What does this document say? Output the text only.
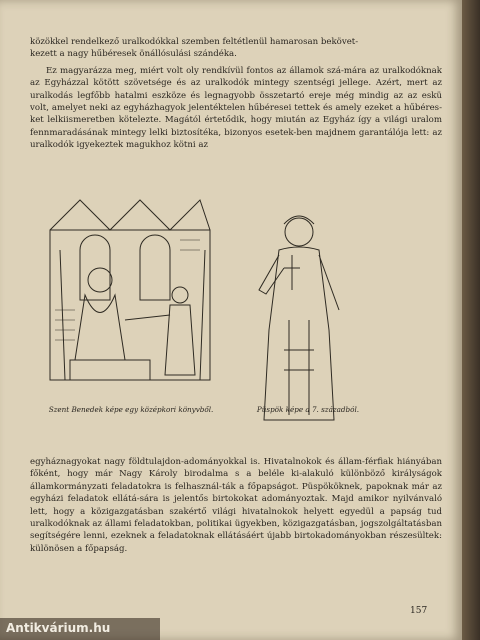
közökkel rendelkező uralkodókkal szemben feltétlenül hamarosan bekövet-

kezett a nagy hűbéresek önállósulási szándéka.

Ez magyarázza meg, miért volt oly rendkívül fontos az államok szá-mára az uralkodóknak az Egyházzal kötött szövetsége és az uralkodók mintegy szentségi jellege. Azért, mert az uralkodás legfőbb hatalmi eszköze és legnagyobb összetartó ereje még mindig az az eskü volt, amelyet neki az egyházhagyok jelentéktelen hűbéresei tettek és amely ezeket a hűbéres-ket lelkiismeretben kötelezte. Magától értetődik, hogy miután az Egyház így a világi uralom fennmaradásának mintegy lelki biztosítéka, bizonyos esetek-ben majdnem garantálója lett: az uralkodók igyekeztek magukhoz kötni az

Szent Benedek képe egy középkori könyvből.	Püspök képe a 7. századból.

egyháznagyokat nagy földtulajdon-adományokkal is. Hivatalnokok és állam-férfiak hiányában főként, hogy már Nagy Károly birodalma s a beléle ki-alakuló különböző királyságok államkormányzati feladatokra is felhasznál-ták a főpapságot. Püspököknek, papoknak már az egyházi feladatok ellátá-sára is jelentős birtokokat adományoztak. Majd amikor nyilvánvaló lett, hogy a közigazgatásban szakértő világi hivatalnokok helyett egyedül a papság tud uralkodóknak az állami feladatokban, politikai ügyekben, közigazgatásban, jogszolgáltatásban segítségére lenni, ezeknek a feladatoknak ellátásáért újabb birtokadományokban részesültek: különösen a főpapság.

157
Antikvárium.hu
